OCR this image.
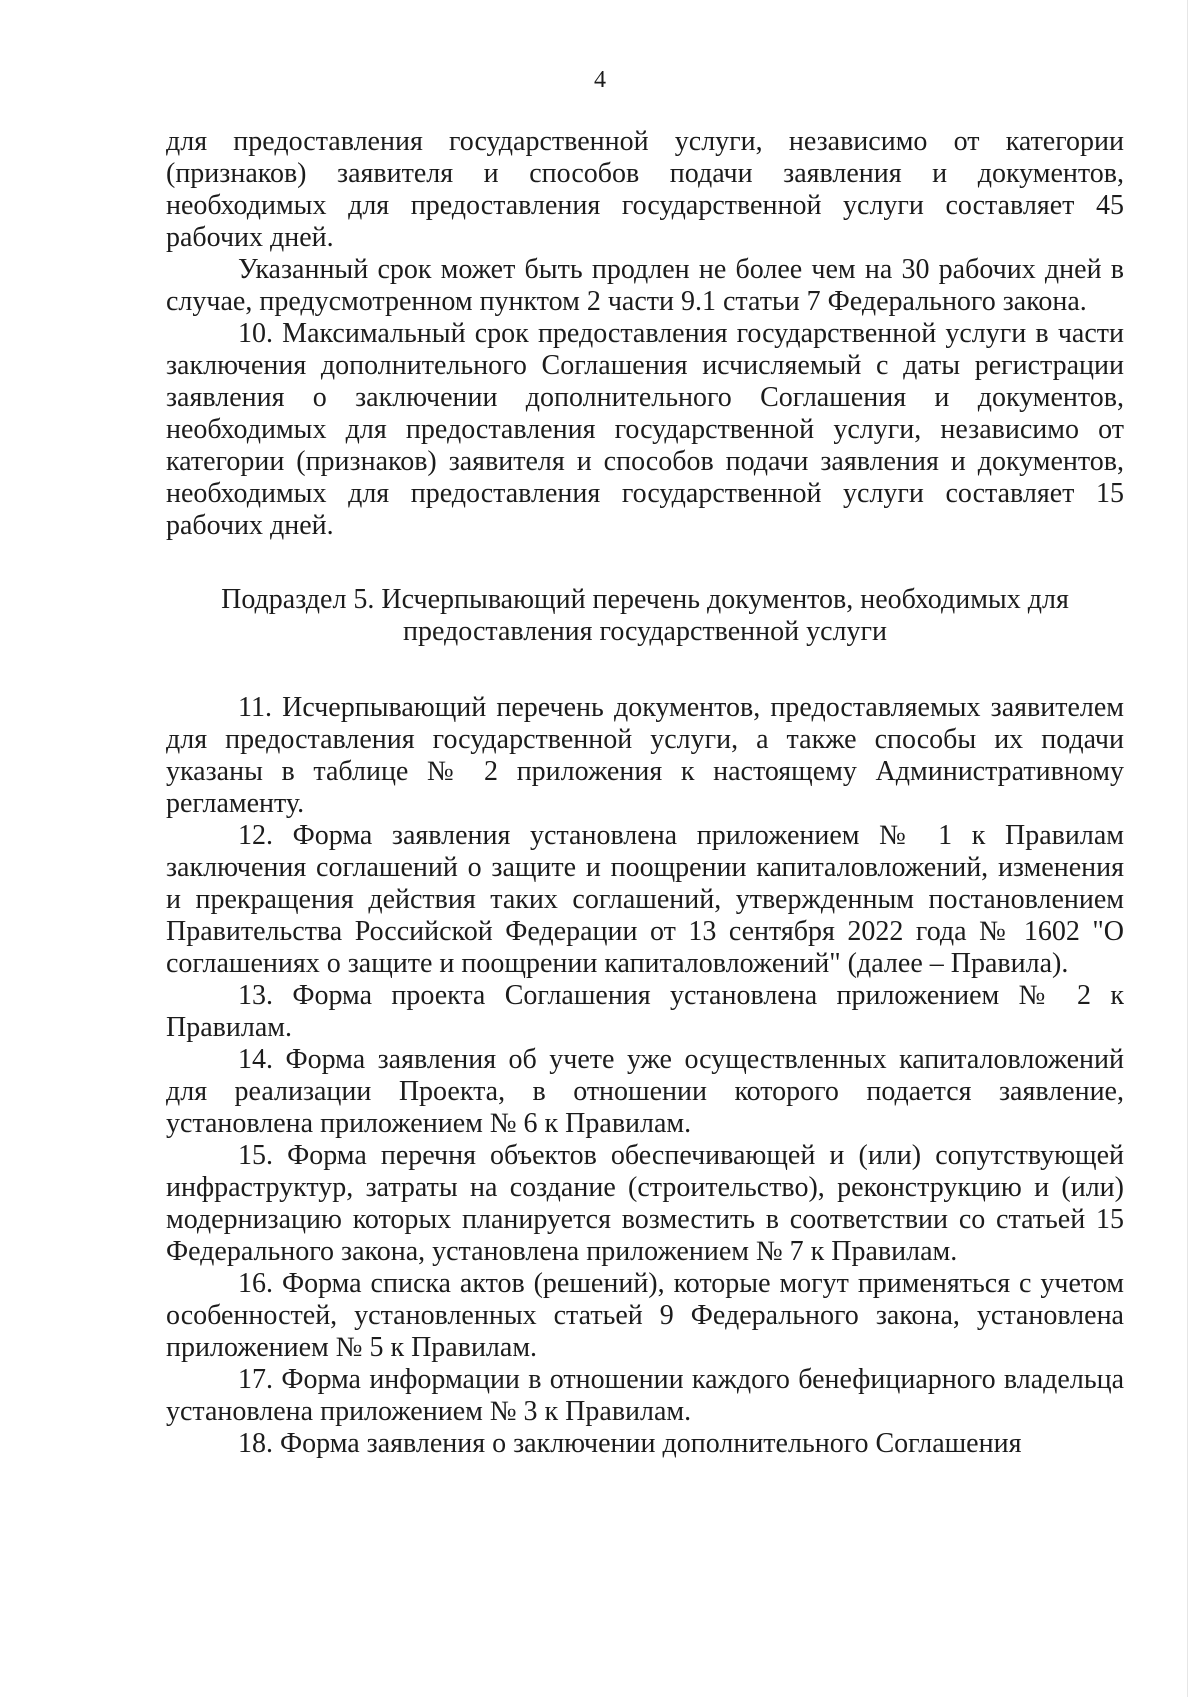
4

для предоставления государственной услуги, независимо от категории (признаков) заявителя и способов подачи заявления и документов, необходимых для предоставления государственной услуги составляет 45 рабочих дней.

Указанный срок может быть продлен не более чем на 30 рабочих дней в случае, предусмотренном пунктом 2 части 9.1 статьи 7 Федерального закона.

10. Максимальный срок предоставления государственной услуги в части заключения дополнительного Соглашения исчисляемый с даты регистрации заявления о заключении дополнительного Соглашения и документов, необходимых для предоставления государственной услуги, независимо от категории (признаков) заявителя и способов подачи заявления и документов, необходимых для предоставления государственной услуги составляет 15 рабочих дней.

Подраздел 5. Исчерпывающий перечень документов, необходимых для предоставления государственной услуги

11. Исчерпывающий перечень документов, предоставляемых заявителем для предоставления государственной услуги, а также способы их подачи указаны в таблице № 2 приложения к настоящему Административному регламенту.

12. Форма заявления установлена приложением № 1 к Правилам заключения соглашений о защите и поощрении капиталовложений, изменения и прекращения действия таких соглашений, утвержденным постановлением Правительства Российской Федерации от 13 сентября 2022 года № 1602 "О соглашениях о защите и поощрении капиталовложений" (далее – Правила).

13. Форма проекта Соглашения установлена приложением № 2 к Правилам.

14. Форма заявления об учете уже осуществленных капиталовложений для реализации Проекта, в отношении которого подается заявление, установлена приложением № 6 к Правилам.

15. Форма перечня объектов обеспечивающей и (или) сопутствующей инфраструктур, затраты на создание (строительство), реконструкцию и (или) модернизацию которых планируется возместить в соответствии со статьей 15 Федерального закона, установлена приложением № 7 к Правилам.

16. Форма списка актов (решений), которые могут применяться с учетом особенностей, установленных статьей 9 Федерального закона, установлена приложением № 5 к Правилам.

17. Форма информации в отношении каждого бенефициарного владельца установлена приложением № 3 к Правилам.

18. Форма заявления о заключении дополнительного Соглашения
